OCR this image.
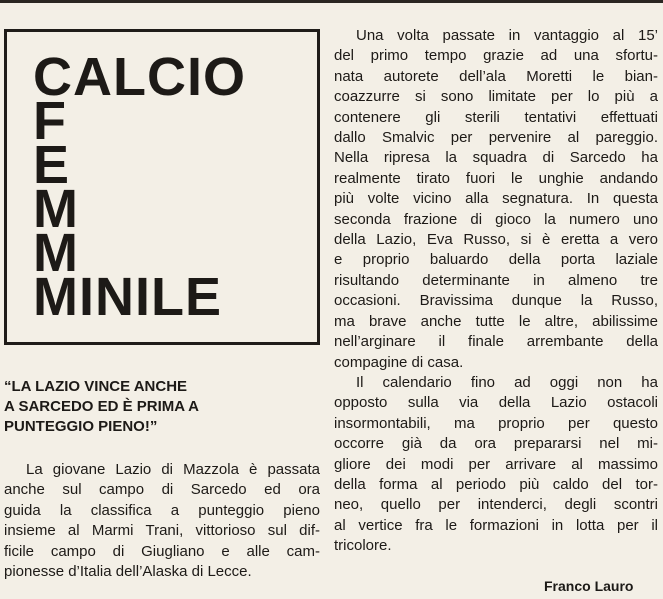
CALCIO
F
E
M
M
MINILE
“LA LAZIO VINCE ANCHE
A SARCEDO ED È PRIMA A
PUNTEGGIO PIENO!”
La giovane Lazio di Mazzola è passata
anche sul campo di Sarcedo ed ora
guida la classifica a punteggio pieno
insieme al Marmi Trani, vittorioso sul dif-
ficile campo di Giugliano e alle cam-
pionesse d’Italia dell’Alaska di Lecce.
Una volta passate in vantaggio al 15’
del primo tempo grazie ad una sfortu-
nata autorete dell’ala Moretti le bian-
coazzurre si sono limitate per lo più a
contenere gli sterili tentativi effettuati
dallo Smalvic per pervenire al pareggio.
Nella ripresa la squadra di Sarcedo ha
realmente tirato fuori le unghie andando
più volte vicino alla segnatura. In questa
seconda frazione di gioco la numero uno
della Lazio, Eva Russo, si è eretta a vero
e proprio baluardo della porta laziale
risultando determinante in almeno tre
occasioni. Bravissima dunque la Russo,
ma brave anche tutte le altre, abilissime
nell’arginare il finale arrembante della
compagine di casa.
Il calendario fino ad oggi non ha
opposto sulla via della Lazio ostacoli
insormontabili, ma proprio per questo
occorre già da ora prepararsi nel mi-
gliore dei modi per arrivare al massimo
della forma al periodo più caldo del tor-
neo, quello per intenderci, degli scontri
al vertice fra le formazioni in lotta per il
tricolore.
Franco Lauro
